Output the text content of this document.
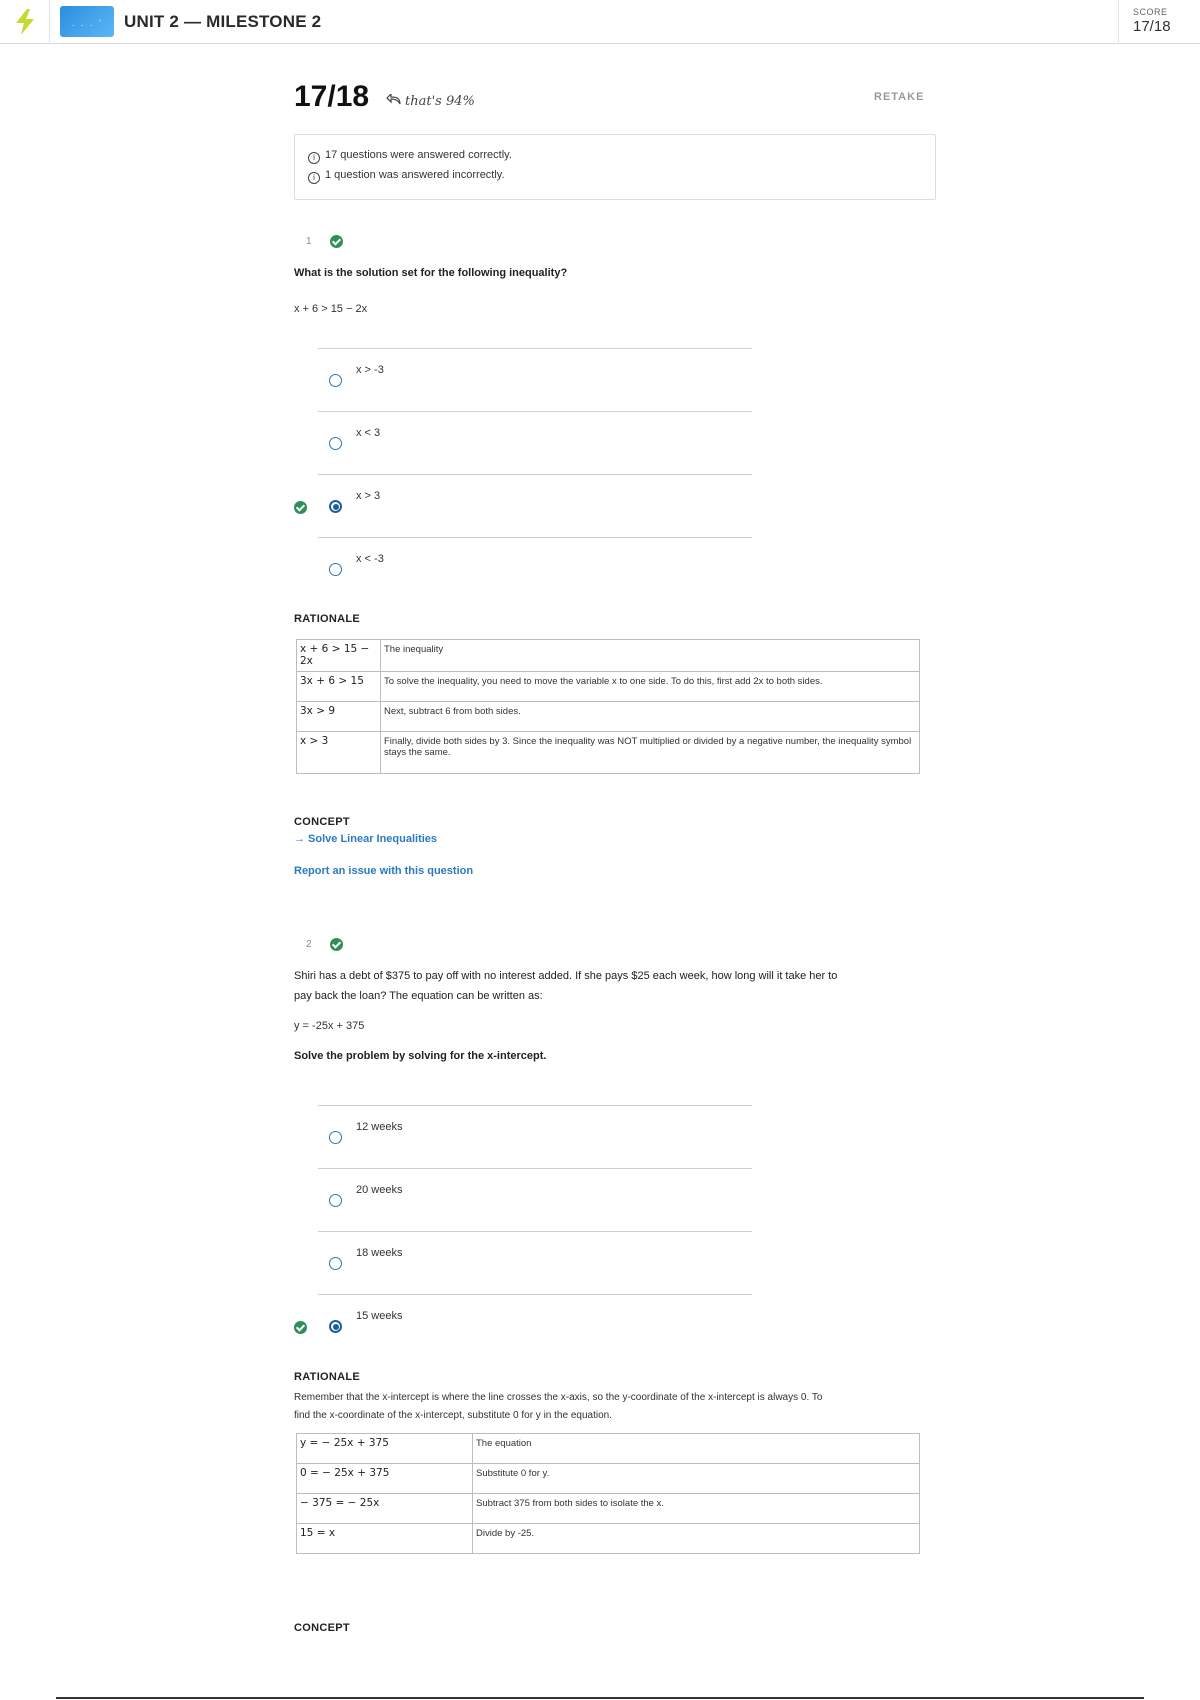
. . . ' UNIT 2 — MILESTONE 2	SCORE
17/18
17/18	that's 94%	RETAKE
i 17 questions were answered correctly.
i 1 question was answered incorrectly.
1
What is the solution set for the following inequality?
x + 6 > 15 − 2x
x > -3
x < 3
x > 3
x < -3
RATIONALE
x + 6 > 15 − 2x	The inequality
3x + 6 > 15	To solve the inequality, you need to move the variable x to one side. To do this, first add 2x to both sides.
3x > 9	Next, subtract 6 from both sides.
x > 3	Finally, divide both sides by 3. Since the inequality was NOT multiplied or divided by a negative number, the inequality symbol stays the same.
CONCEPT
→ Solve Linear Inequalities
Report an issue with this question
2
Shiri has a debt of $375 to pay off with no interest added. If she pays $25 each week, how long will it take her to
pay back the loan? The equation can be written as:
y = -25x + 375
Solve the problem by solving for the x-intercept.
12 weeks
20 weeks
18 weeks
15 weeks
RATIONALE
Remember that the x-intercept is where the line crosses the x-axis, so the y-coordinate of the x-intercept is always 0. To
find the x-coordinate of the x-intercept, substitute 0 for y in the equation.
y = − 25x + 375	The equation
0 = − 25x + 375	Substitute 0 for y.
− 375 = − 25x	Subtract 375 from both sides to isolate the x.
15 = x	Divide by -25.
CONCEPT
